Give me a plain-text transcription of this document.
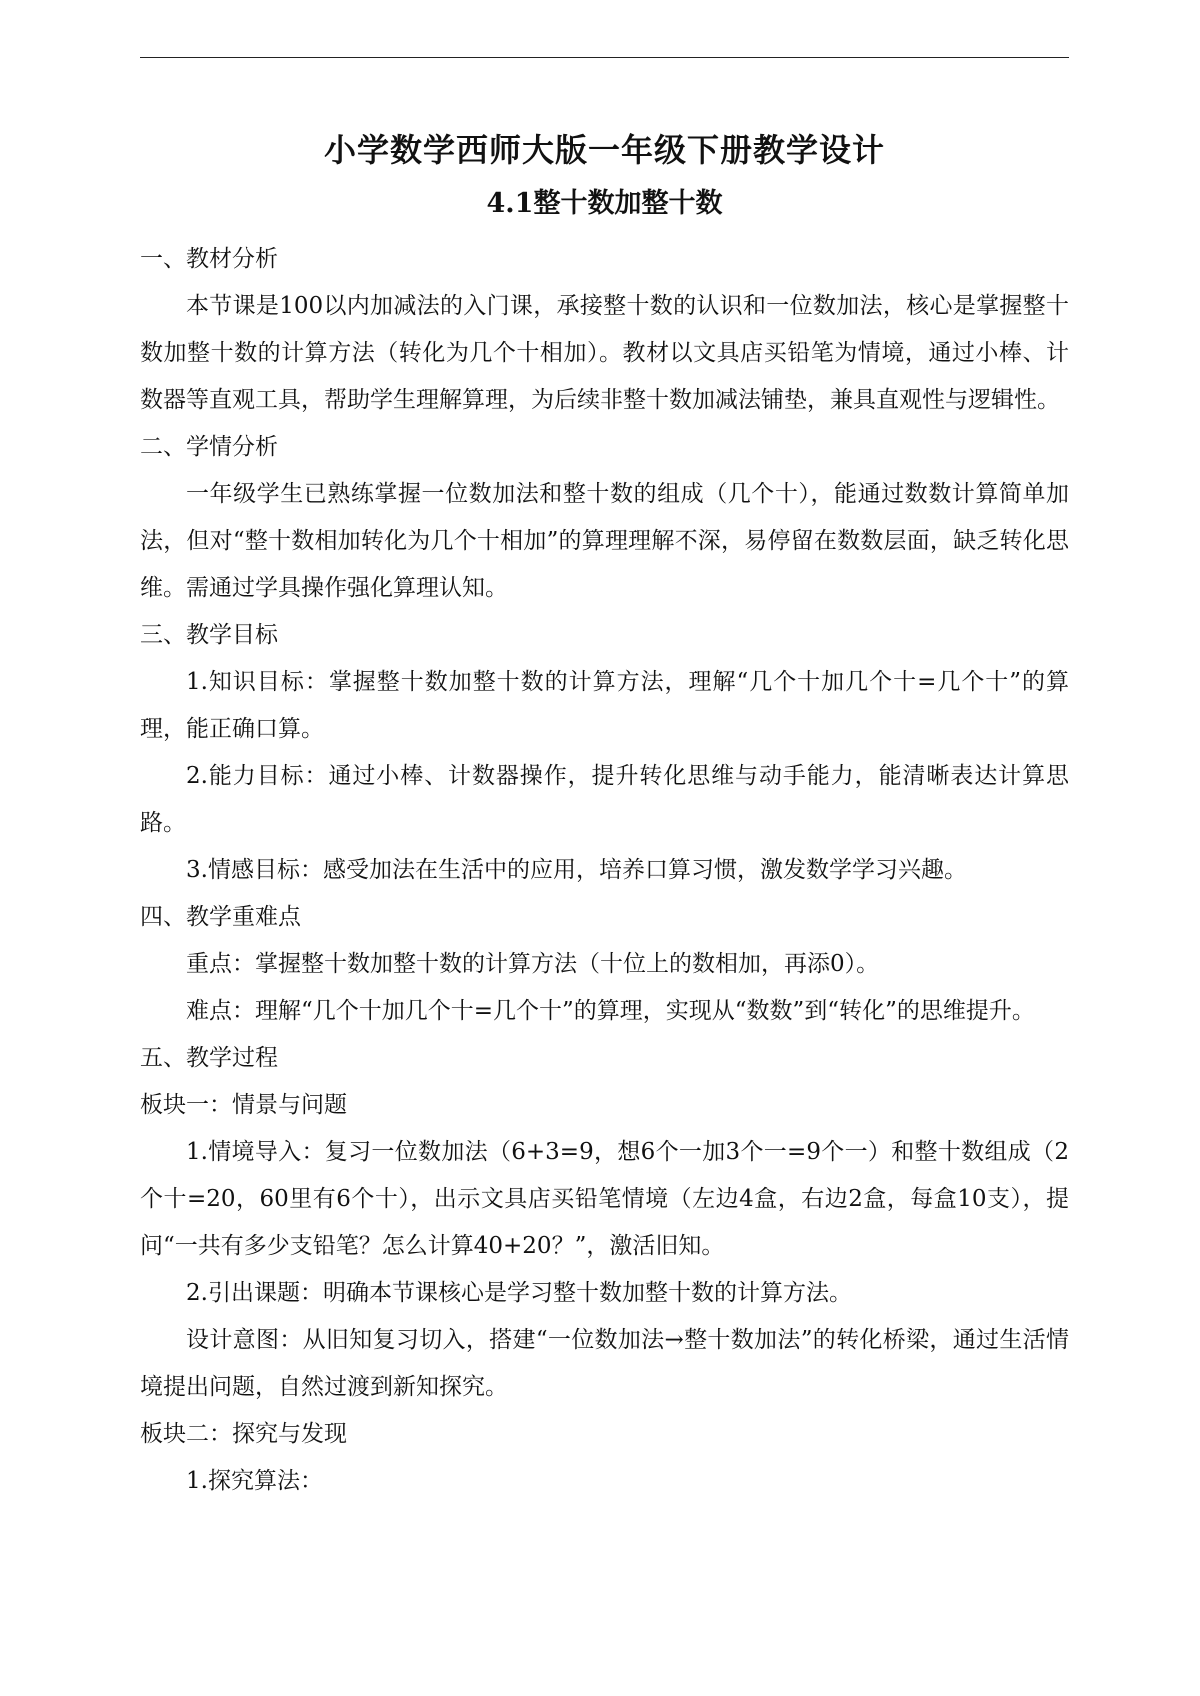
小学数学西师大版一年级下册教学设计
4.1整十数加整十数

一、教材分析

本节课是100以内加减法的入门课，承接整十数的认识和一位数加法，核心是掌握整十数加整十数的计算方法（转化为几个十相加）。教材以文具店买铅笔为情境，通过小棒、计数器等直观工具，帮助学生理解算理，为后续非整十数加减法铺垫，兼具直观性与逻辑性。

二、学情分析

一年级学生已熟练掌握一位数加法和整十数的组成（几个十），能通过数数计算简单加法，但对“整十数相加转化为几个十相加”的算理理解不深，易停留在数数层面，缺乏转化思维。需通过学具操作强化算理认知。

三、教学目标

1.知识目标：掌握整十数加整十数的计算方法，理解“几个十加几个十=几个十”的算理，能正确口算。

2.能力目标：通过小棒、计数器操作，提升转化思维与动手能力，能清晰表达计算思路。

3.情感目标：感受加法在生活中的应用，培养口算习惯，激发数学学习兴趣。

四、教学重难点

重点：掌握整十数加整十数的计算方法（十位上的数相加，再添0）。

难点：理解“几个十加几个十=几个十”的算理，实现从“数数”到“转化”的思维提升。

五、教学过程

板块一：情景与问题

1.情境导入：复习一位数加法（6+3=9，想6个一加3个一=9个一）和整十数组成（2个十=20，60里有6个十），出示文具店买铅笔情境（左边4盒，右边2盒，每盒10支），提问“一共有多少支铅笔？怎么计算40+20？”，激活旧知。

2.引出课题：明确本节课核心是学习整十数加整十数的计算方法。

设计意图：从旧知复习切入，搭建“一位数加法→整十数加法”的转化桥梁，通过生活情境提出问题，自然过渡到新知探究。

板块二：探究与发现

1.探究算法：
